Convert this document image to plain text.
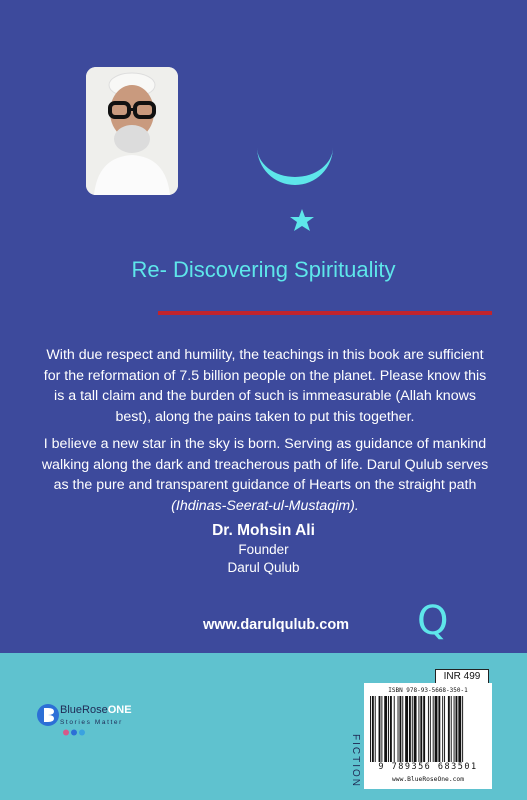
Re- Discovering Spirituality

With due respect and humility, the teachings in this book are sufficient for the reformation of 7.5 billion people on the planet. Please know this is a tall claim and the burden of such is immeasurable (Allah knows best), along the pains taken to put this together.

I believe a new star in the sky is born. Serving as guidance of mankind walking along the dark and treacherous path of life. Darul Qulub serves as the pure and transparent guidance of Hearts on the straight path
(Ihdinas-Seerat-ul-Mustaqim).

Dr. Mohsin Ali
Founder
Darul Qulub
www.darulqulub.com Q
BlueRoseONE
Stories Matter
INR 499
FICTION
ISBN 978-93-5668-350-1
9 789356 683501
www.BlueRoseOne.com
